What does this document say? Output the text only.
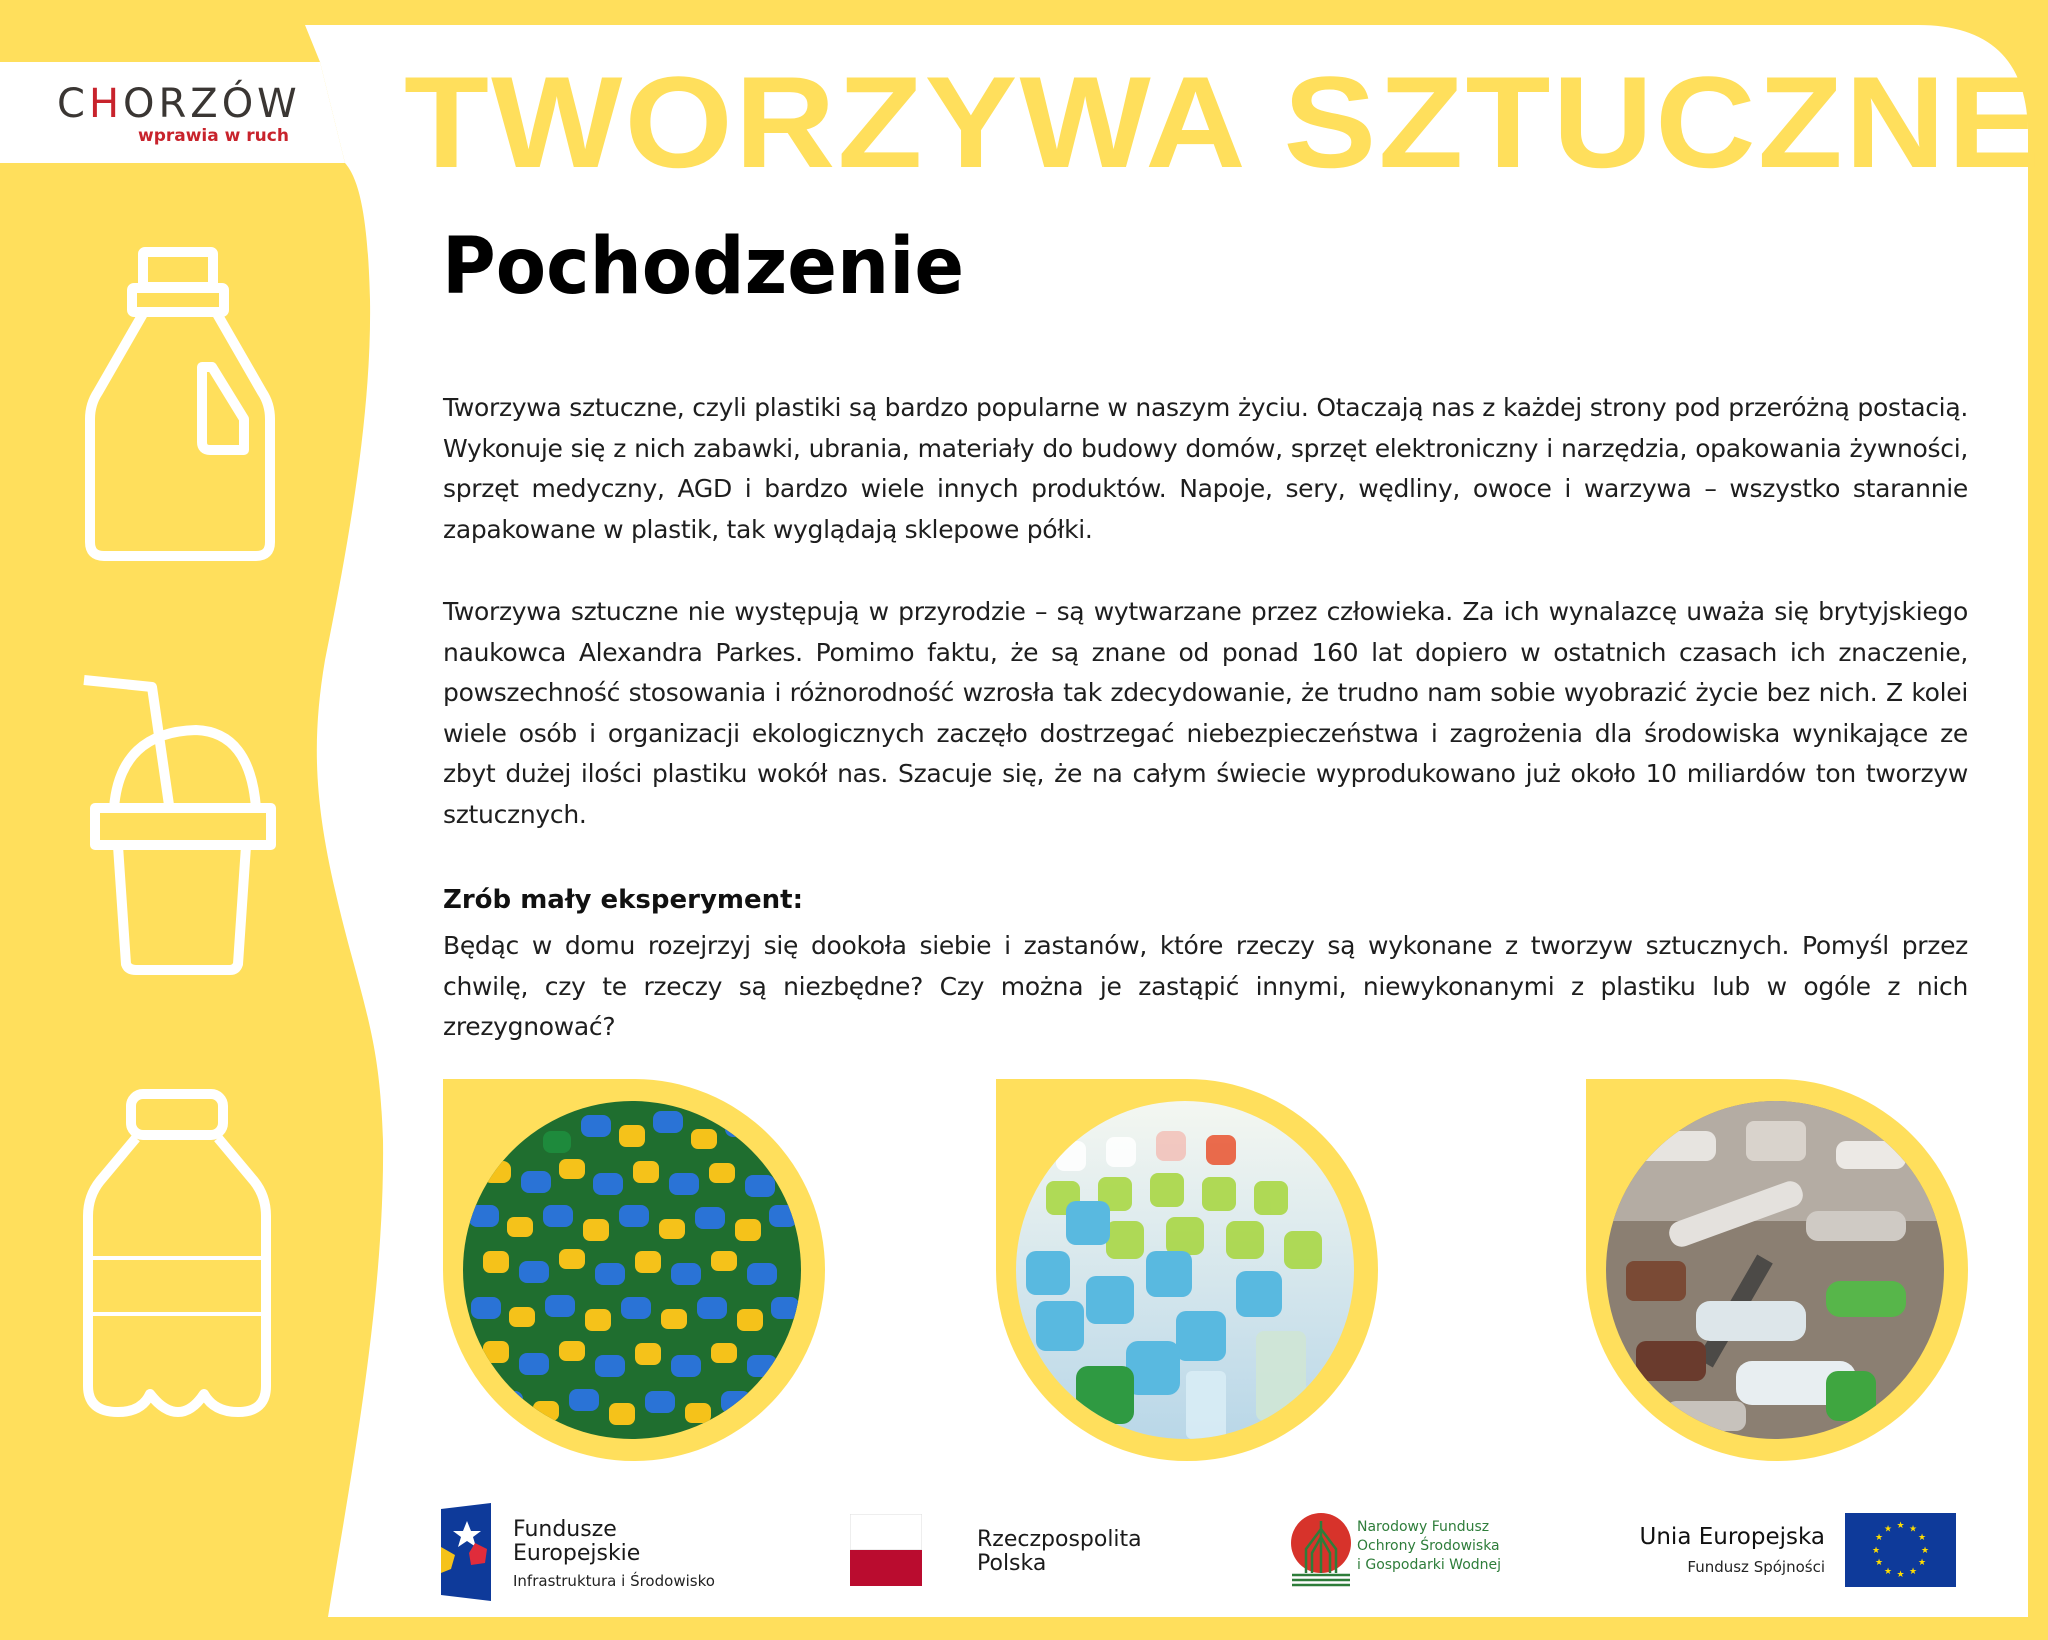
CHORZÓW
wprawia w ruch TWORZYWA SZTUCZNE
Pochodzenie

Tworzywa sztuczne, czyli plastiki są bardzo popularne w naszym życiu. Otaczają nas z każdej strony pod przeróżną postacią. Wykonuje się z nich zabawki, ubrania, materiały do budowy domów, sprzęt elektroniczny i narzędzia, opakowania żywności, sprzęt medyczny, AGD i bardzo wiele innych produktów. Napoje, sery, wędliny, owoce i warzywa – wszystko starannie zapakowane w plastik, tak wyglądają sklepowe półki.

Tworzywa sztuczne nie występują w przyrodzie – są wytwarzane przez człowieka. Za ich wynalazcę uważa się brytyjskiego naukowca Alexandra Parkes. Pomimo faktu, że są znane od ponad 160 lat dopiero w ostatnich czasach ich znaczenie, powszechność stosowania i różnorodność wzrosła tak zdecydowanie, że trudno nam sobie wyobrazić życie bez nich. Z kolei wiele osób i organizacji ekologicznych zaczęło dostrzegać niebezpieczeństwa i zagrożenia dla środowiska wynikające ze zbyt dużej ilości plastiku wokół nas. Szacuje się, że na całym świecie wyprodukowano już około 10 miliardów ton tworzyw sztucznych.

Zrób mały eksperyment:

Będąc w domu rozejrzyj się dookoła siebie i zastanów, które rzeczy są wykonane z tworzyw sztucznych. Pomyśl przez chwilę, czy te rzeczy są niezbędne? Czy można je zastąpić innymi, niewykonanymi z plastiku lub w ogóle z nich zrezygnować?

Fundusze
Europejskie
Infrastruktura i Środowisko
Rzeczpospolita
Polska
Narodowy Fundusz
Ochrony Środowiska
i Gospodarki Wodnej
Unia Europejska
Fundusz Spójności
★ ★
★
★
★
★
★
★
★
★
★
★
